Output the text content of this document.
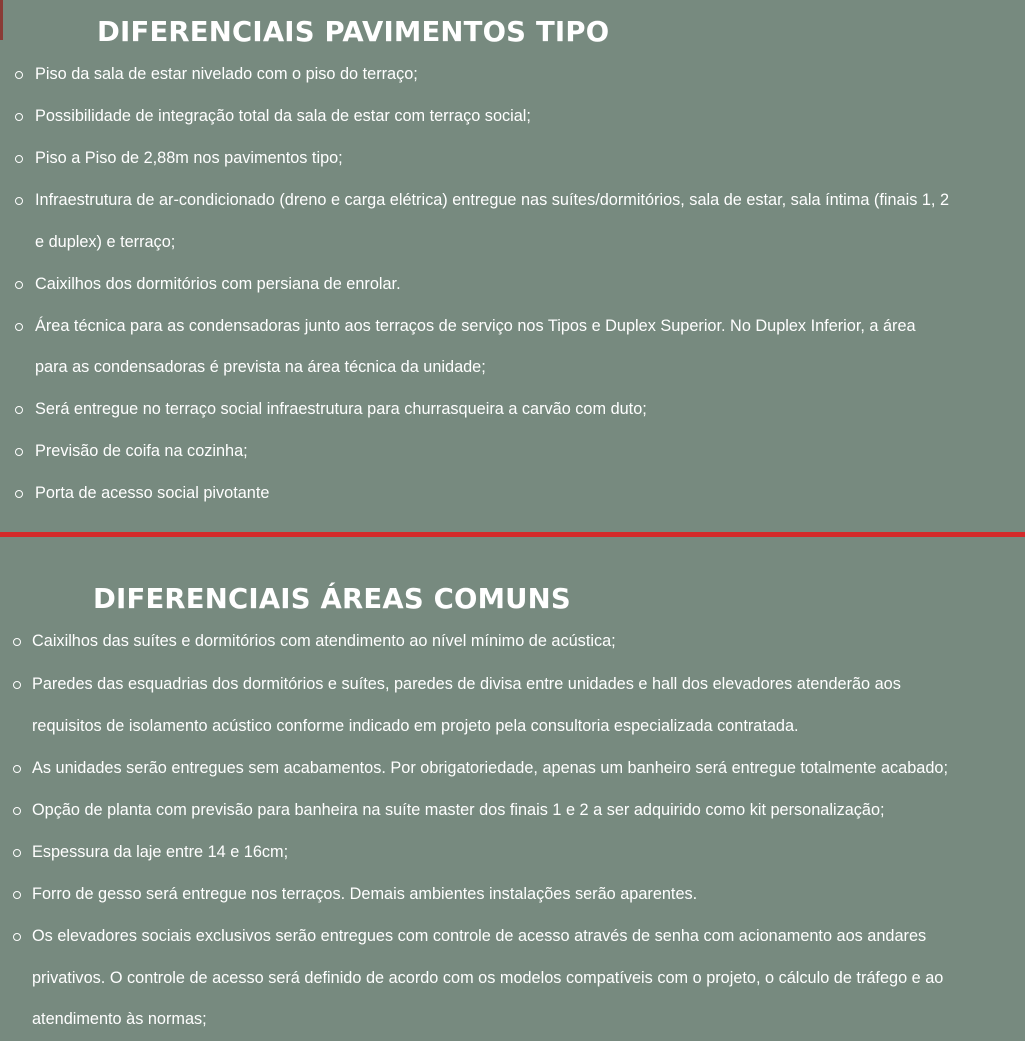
DIFERENCIAIS PAVIMENTOS TIPO
Piso da sala de estar nivelado com o piso do terraço;
Possibilidade de integração total da sala de estar com terraço social;
Piso a Piso de 2,88m nos pavimentos tipo;
Infraestrutura de ar-condicionado (dreno e carga elétrica) entregue nas suítes/dormitórios, sala de estar, sala íntima (finais 1, 2
e duplex) e terraço;
Caixilhos dos dormitórios com persiana de enrolar.
Área técnica para as condensadoras junto aos terraços de serviço nos Tipos e Duplex Superior. No Duplex Inferior, a área
para as condensadoras é prevista na área técnica da unidade;
Será entregue no terraço social infraestrutura para churrasqueira a carvão com duto;
Previsão de coifa na cozinha;
Porta de acesso social pivotante
DIFERENCIAIS ÁREAS COMUNS
Caixilhos das suítes e dormitórios com atendimento ao nível mínimo de acústica;
Paredes das esquadrias dos dormitórios e suítes, paredes de divisa entre unidades e hall dos elevadores atenderão aos
requisitos de isolamento acústico conforme indicado em projeto pela consultoria especializada contratada.
As unidades serão entregues sem acabamentos. Por obrigatoriedade, apenas um banheiro será entregue totalmente acabado;
Opção de planta com previsão para banheira na suíte master dos finais 1 e 2 a ser adquirido como kit personalização;
Espessura da laje entre 14 e 16cm;
Forro de gesso será entregue nos terraços. Demais ambientes instalações serão aparentes.
Os elevadores sociais exclusivos serão entregues com controle de acesso através de senha com acionamento aos andares
privativos. O controle de acesso será definido de acordo com os modelos compatíveis com o projeto, o cálculo de tráfego e ao
atendimento às normas;
